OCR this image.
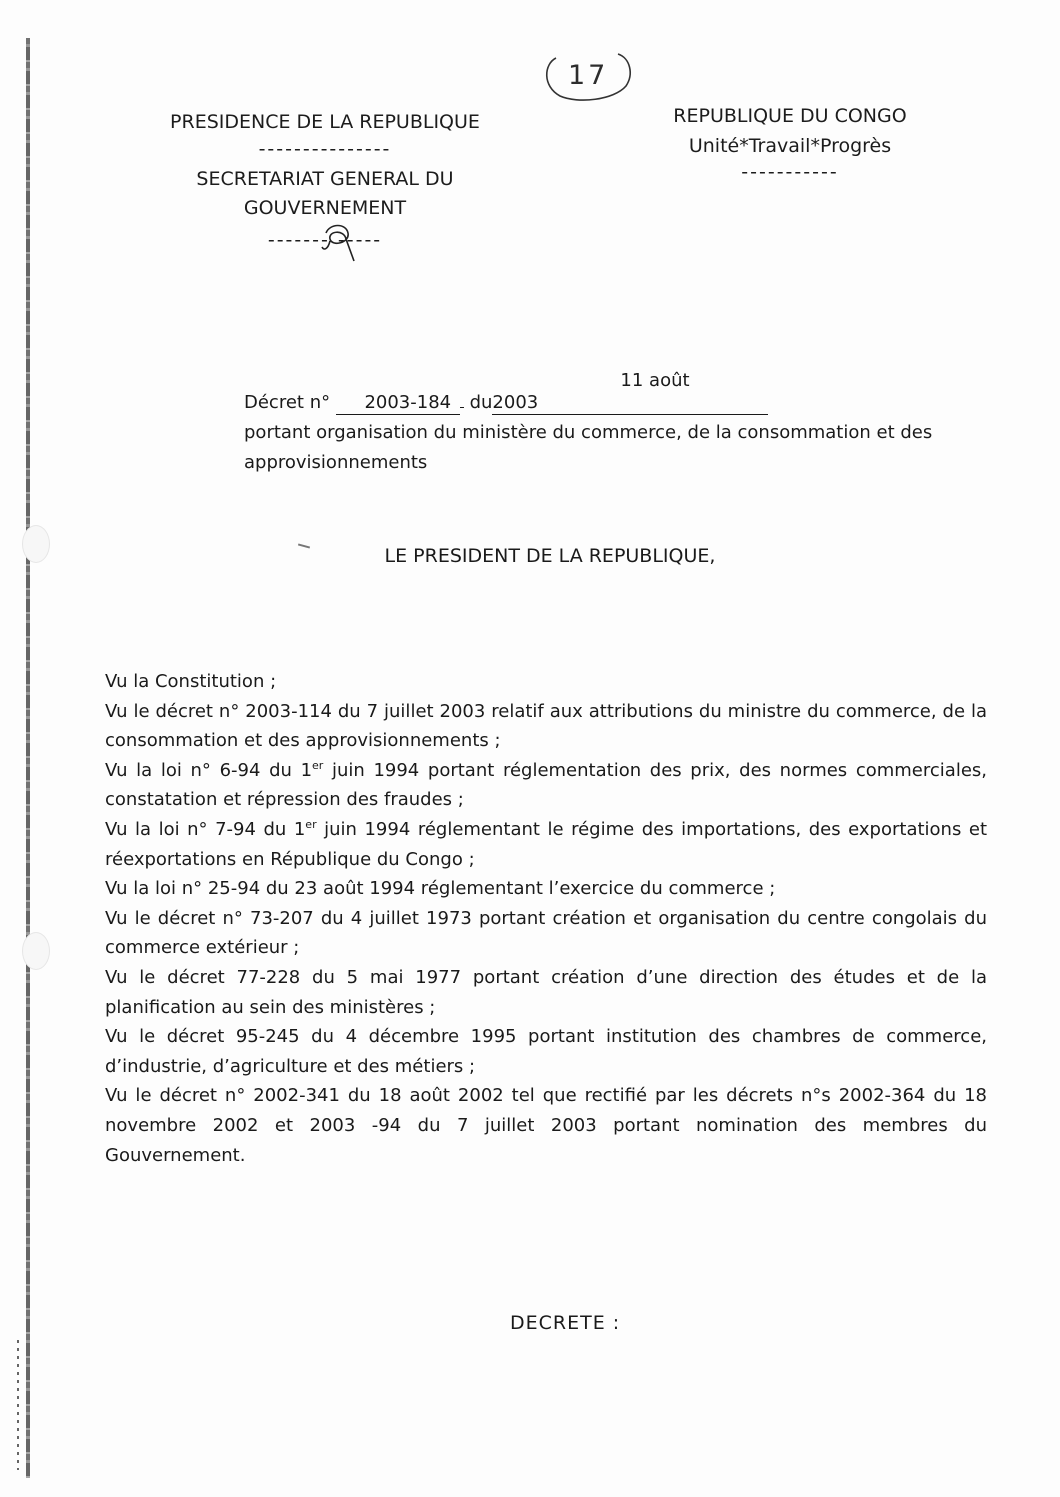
17
PRESIDENCE DE LA REPUBLIQUE
---------------
SECRETARIAT GENERAL DU
GOUVERNEMENT
------- -----
REPUBLIQUE DU CONGO
Unité*Travail*Progrès
-----------
Décret n° 2003-184 du11 août 2003
portant organisation du ministère du commerce, de la consommation et des approvisionnements
LE PRESIDENT DE LA REPUBLIQUE,

Vu la Constitution ;

Vu le décret n° 2003-114 du 7 juillet 2003 relatif aux attributions du ministre du commerce, de la consommation et des approvisionnements ;

Vu la loi n° 6-94 du 1er juin 1994 portant réglementation des prix, des normes commerciales, constatation et répression des fraudes ;

Vu la loi n° 7-94 du 1er juin 1994 réglementant le régime des importations, des exportations et réexportations en République du Congo ;

Vu la loi n° 25-94 du 23 août 1994 réglementant l’exercice du commerce ;

Vu le décret n° 73-207 du 4 juillet 1973 portant création et organisation du centre congolais du commerce extérieur ;

Vu le décret 77-228 du 5 mai 1977 portant création d’une direction des études et de la planification au sein des ministères ;

Vu le décret 95-245 du 4 décembre 1995 portant institution des chambres de commerce, d’industrie, d’agriculture et des métiers ;

Vu le décret n° 2002-341 du 18 août 2002 tel que rectifié par les décrets n°s 2002-364 du 18 novembre 2002 et 2003 -94 du 7 juillet 2003 portant nomination des membres du Gouvernement.

DECRETE :
